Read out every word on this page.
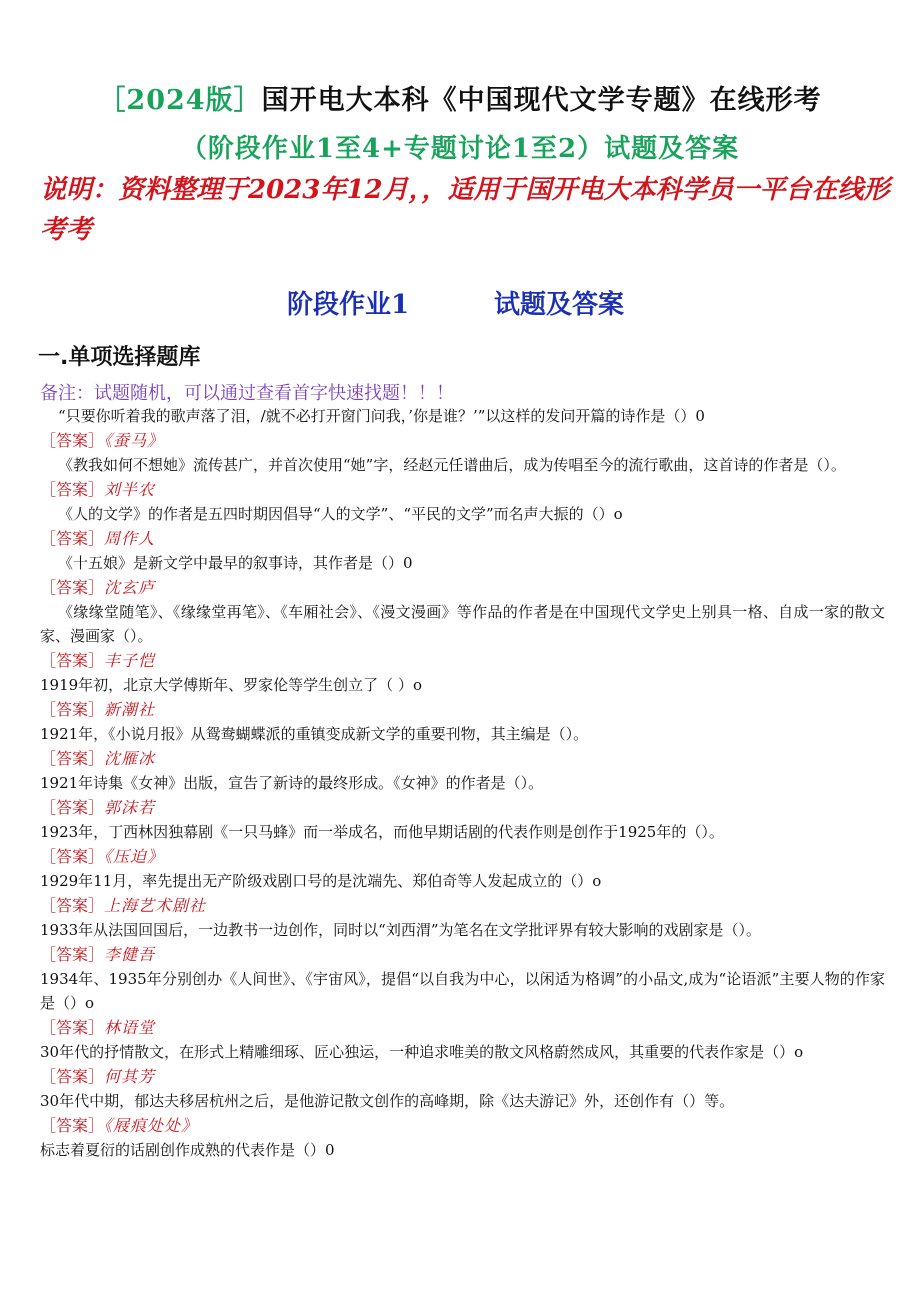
［2024版］国开电大本科《中国现代文学专题》在线形考
（阶段作业1至4+专题讨论1至2）试题及答案
说明：资料整理于2023年12月，，适用于国开电大本科学员一平台在线形考考
阶段作业1	试题及答案
一.单项选择题库
备注：试题随机，可以通过查看首字快速找题！！！
“只要你听着我的歌声落了泪，/就不必打开窗门问我，’你是谁？’”以这样的发问开篇的诗作是（）0
［答案］《蚕马》
《教我如何不想她》流传甚广，并首次使用“她”字，经赵元任谱曲后，成为传唱至今的流行歌曲，这首诗的作者是（）。
［答案］刘半农
《人的文学》的作者是五四时期因倡导“人的文学”、“平民的文学”而名声大振的（）o
［答案］周作人
《十五娘》是新文学中最早的叙事诗，其作者是（）0
［答案］沈玄庐
《缘缘堂随笔》、《缘缘堂再笔》、《车厢社会》、《漫文漫画》等作品的作者是在中国现代文学史上别具一格、自成一家的散文家、漫画家（）。
［答案］丰子恺
1919年初，北京大学傅斯年、罗家伦等学生创立了（ ）o
［答案］新潮社
1921年，《小说月报》从鸳鸯蝴蝶派的重镇变成新文学的重要刊物，其主编是（）。
［答案］沈雁冰
1921年诗集《女神》出版，宣告了新诗的最终形成。《女神》的作者是（）。
［答案］郭沫若
1923年，丁西林因独幕剧《一只马蜂》而一举成名，而他早期话剧的代表作则是创作于1925年的（）。
［答案］《压迫》
1929年11月，率先提出无产阶级戏剧口号的是沈端先、郑伯奇等人发起成立的（）o
［答案］上海艺术剧社
1933年从法国回国后，一边教书一边创作，同时以“刘西渭”为笔名在文学批评界有较大影响的戏剧家是（）。
［答案］李健吾
1934年、1935年分别创办《人间世》、《宇宙风》，提倡“以自我为中心，以闲适为格调”的小品文,成为“论语派”主要人物的作家是（）o
［答案］林语堂
30年代的抒情散文，在形式上精雕细琢、匠心独运，一种追求唯美的散文风格蔚然成风，其重要的代表作家是（）o
［答案］何其芳
30年代中期，郁达夫移居杭州之后，是他游记散文创作的高峰期，除《达夫游记》外，还创作有（）等。
［答案］《屐痕处处》
标志着夏衍的话剧创作成熟的代表作是（）0
